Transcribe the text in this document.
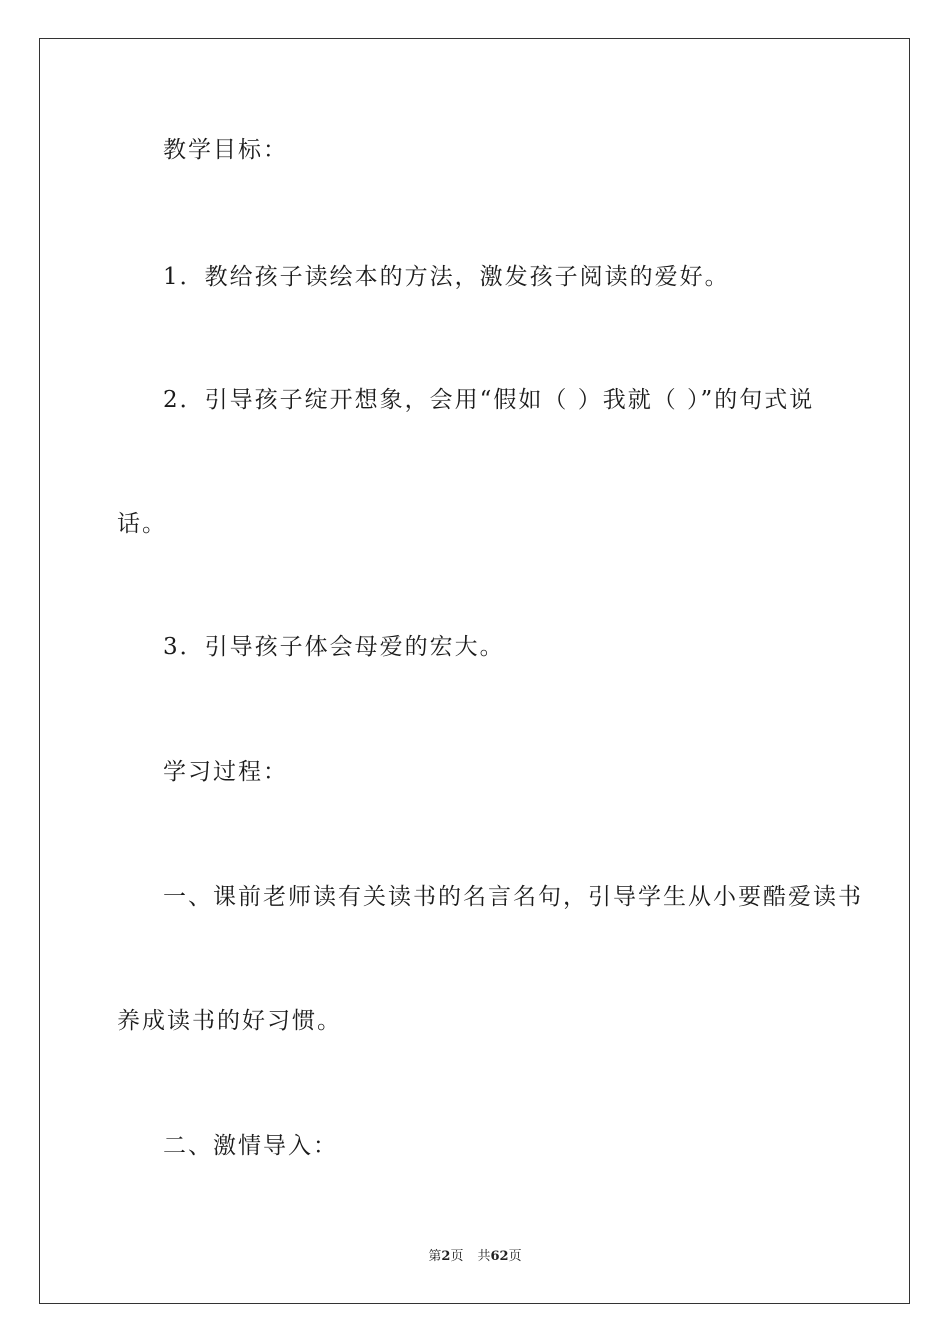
教学目标：
1．教给孩子读绘本的方法，激发孩子阅读的爱好。
2．引导孩子绽开想象，会用“假如（ ）我就（ ）”的句式说
话。
3．引导孩子体会母爱的宏大。
学习过程：
一、课前老师读有关读书的名言名句，引导学生从小要酷爱读书
养成读书的好习惯。
二、激情导入：
第2页 共62页
